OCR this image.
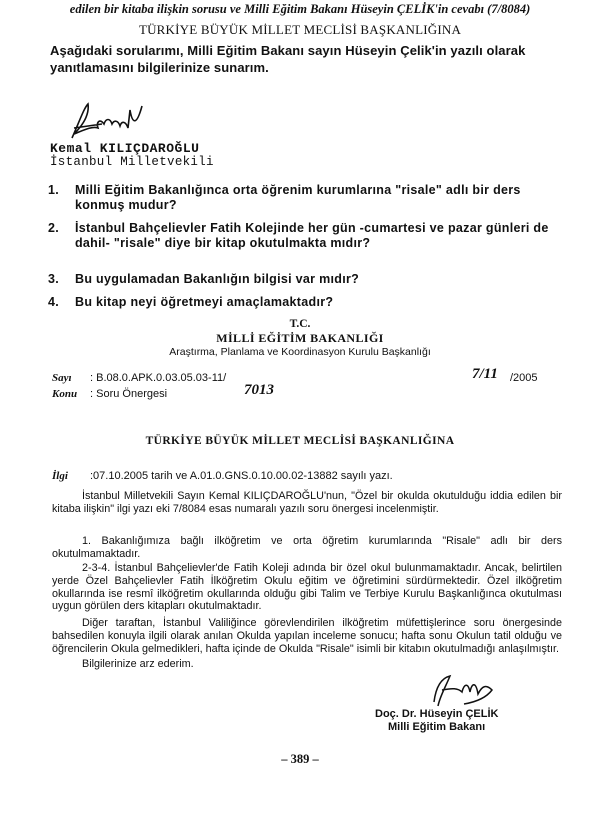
edilen bir kitaba ilişkin sorusu ve Milli Eğitim Bakanı Hüseyin ÇELİK'in cevabı (7/8084)
TÜRKİYE BÜYÜK MİLLET MECLİSİ BAŞKANLIĞINA
Aşağıdaki sorularımı, Milli Eğitim Bakanı sayın Hüseyin Çelik'in yazılı olarak yanıtlamasını bilgilerinize sunarım.
Kemal KILIÇDAROĞLU
İstanbul Milletvekili
1. Milli Eğitim Bakanlığınca orta öğrenim kurumlarına "risale" adlı bir ders konmuş mudur?
2. İstanbul Bahçelievler Fatih Kolejinde her gün -cumartesi ve pazar günleri de dahil- "risale" diye bir kitap okutulmakta mıdır?
3. Bu uygulamadan Bakanlığın bilgisi var mıdır?
4. Bu kitap neyi öğretmeyi amaçlamaktadır?
T.C.
MİLLİ EĞİTİM BAKANLIĞI
Araştırma, Planlama ve Koordinasyon Kurulu Başkanlığı
Sayı : B.08.0.APK.0.03.05.03-11/
7013
7/11 /2005
Konu : Soru Önergesi
TÜRKİYE BÜYÜK MİLLET MECLİSİ BAŞKANLIĞINA
İlgi :07.10.2005 tarih ve A.01.0.GNS.0.10.00.02-13882 sayılı yazı.
İstanbul Milletvekili Sayın Kemal KILIÇDAROĞLU'nun, "Özel bir okulda okutulduğu iddia edilen bir kitaba ilişkin" ilgi yazı eki 7/8084 esas numaralı yazılı soru önergesi incelenmiştir.
1. Bakanlığımıza bağlı ilköğretim ve orta öğretim kurumlarında "Risale" adlı bir ders okutulmamaktadır.
2-3-4. İstanbul Bahçelievler'de Fatih Koleji adında bir özel okul bulunmamaktadır. Ancak, belirtilen yerde Özel Bahçelievler Fatih İlköğretim Okulu eğitim ve öğretimini sürdürmektedir. Özel ilköğretim okullarında ise resmî ilköğretim okullarında olduğu gibi Talim ve Terbiye Kurulu Başkanlığınca okutulması uygun görülen ders kitapları okutulmaktadır.
Diğer taraftan, İstanbul Valiliğince görevlendirilen ilköğretim müfettişlerince soru önergesinde bahsedilen konuyla ilgili olarak anılan Okulda yapılan inceleme sonucu; hafta sonu Okulun tatil olduğu ve öğrencilerin Okula gelmedikleri, hafta içinde de Okulda "Risale" isimli bir kitabın okutulmadığı anlaşılmıştır.
Bilgilerinize arz ederim.
Doç. Dr. Hüseyin ÇELİK
Milli Eğitim Bakanı
– 389 –
